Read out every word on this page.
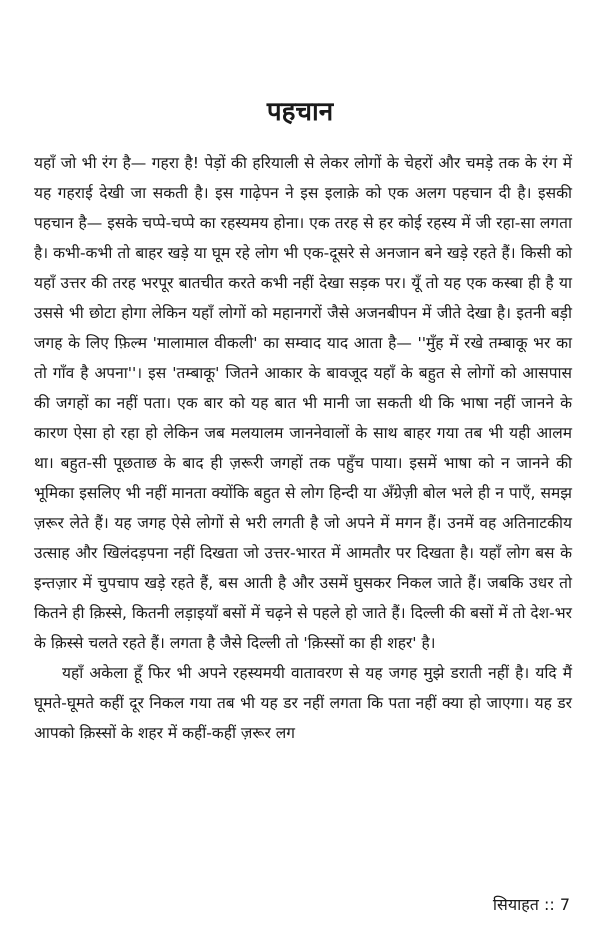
पहचान

यहाँ जो भी रंग है— गहरा है! पेड़ों की हरियाली से लेकर लोगों के चेहरों और चमड़े तक के रंग में यह गहराई देखी जा सकती है। इस गाढ़ेपन ने इस इलाक़े को एक अलग पहचान दी है। इसकी पहचान है— इसके चप्पे-चप्पे का रहस्यमय होना। एक तरह से हर कोई रहस्य में जी रहा-सा लगता है। कभी-कभी तो बाहर खड़े या घूम रहे लोग भी एक-दूसरे से अनजान बने खड़े रहते हैं। किसी को यहाँ उत्तर की तरह भरपूर बातचीत करते कभी नहीं देखा सड़क पर। यूँ तो यह एक कस्बा ही है या उससे भी छोटा होगा लेकिन यहाँ लोगों को महानगरों जैसे अजनबीपन में जीते देखा है। इतनी बड़ी जगह के लिए फ़िल्म 'मालामाल वीकली' का सम्वाद याद आता है— ''मुँह में रखे तम्बाकू भर का तो गाँव है अपना''। इस 'तम्बाकू' जितने आकार के बावजूद यहाँ के बहुत से लोगों को आसपास की जगहों का नहीं पता। एक बार को यह बात भी मानी जा सकती थी कि भाषा नहीं जानने के कारण ऐसा हो रहा हो लेकिन जब मलयालम जाननेवालों के साथ बाहर गया तब भी यही आलम था। बहुत-सी पूछताछ के बाद ही ज़रूरी जगहों तक पहुँच पाया। इसमें भाषा को न जानने की भूमिका इसलिए भी नहीं मानता क्योंकि बहुत से लोग हिन्दी या अँग्रेज़ी बोल भले ही न पाएँ, समझ ज़रूर लेते हैं। यह जगह ऐसे लोगों से भरी लगती है जो अपने में मगन हैं। उनमें वह अतिनाटकीय उत्साह और खिलंदड़पना नहीं दिखता जो उत्तर-भारत में आमतौर पर दिखता है। यहाँ लोग बस के इन्तज़ार में चुपचाप खड़े रहते हैं, बस आती है और उसमें घुसकर निकल जाते हैं। जबकि उधर तो कितने ही क़िस्से, कितनी लड़ाइयाँ बसों में चढ़ने से पहले हो जाते हैं। दिल्ली की बसों में तो देश-भर के क़िस्से चलते रहते हैं। लगता है जैसे दिल्ली तो 'क़िस्सों का ही शहर' है।

यहाँ अकेला हूँ फिर भी अपने रहस्यमयी वातावरण से यह जगह मुझे डराती नहीं है। यदि मैं घूमते-घूमते कहीं दूर निकल गया तब भी यह डर नहीं लगता कि पता नहीं क्या हो जाएगा। यह डर आपको क़िस्सों के शहर में कहीं-कहीं ज़रूर लग

सियाहत :: 7
